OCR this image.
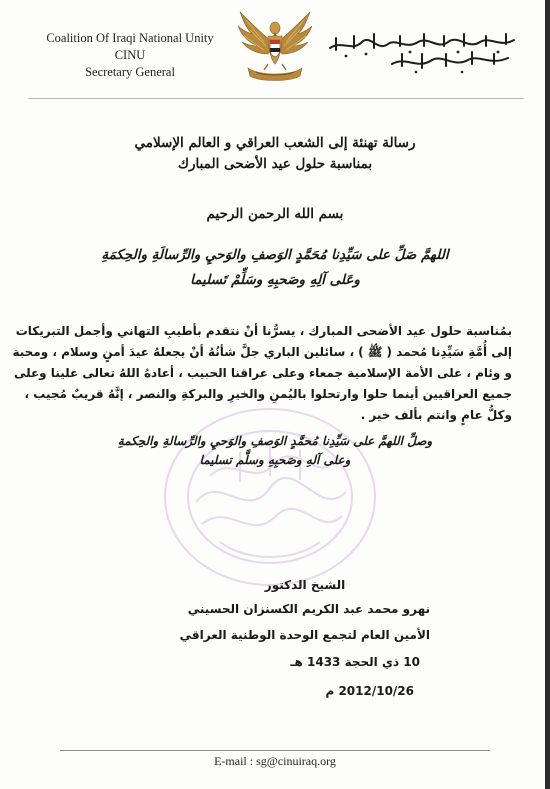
Coalition Of Iraqi National Unity
CINU
Secretary General
رسالة تهنئة إلى الشعب العراقي و العالم الإسلامي
بمناسبة حلول عيد الأضحى المبارك
بسم الله الرحمن الرحيم
اللهمَّ صَلِّ على سَيِّدِنا مُحَمَّدٍ الوَصفِ والوَحيِ والرِّسالَةِ والحِكمَةِ
وعَلى آلِهِ وصَحبِهِ وسَلِّمْ تَسليما
بمُناسبة حلول عيد الأضحى المبارك ، يسرُّنا أنْ نتقدم بأطيبِ التهاني وأجمل التبريكات
إلى أُمَّةِ سَيِّدِنا مُحمد ( ﷺ ) ، سائلين الباري جلَّ شأنُهُ أنْ يجعلهُ عيدَ أمنٍ وسلام ، ومحبة
و وئام ، على الأمة الإسلامية جمعاء وعلى عراقنا الحبيب ، أعادهُ اللهُ تعالى علينا وعلى
جميع العراقيين أينما حلوا وارتحلوا باليُمنِ والخيرِ والبركةِ والنصر ، إنَّهُ قريبٌ مُجيب ،
وكلُّ عامٍ وانتم بألف خير .
وصلِّ اللهمَّ على سَيِّدِنا مُحمَّدٍ الوَصفِ والوَحيِ والرِّسالةِ والحِكمةِ
وعلى آلهِ وصَحبِهِ وسلَّم تسليما
الشيخ الدكتور
نهرو محمد عبد الكريم الكسنزان الحسيني
الأمين العام لتجمع الوحدة الوطنية العراقي
10 ذي الحجة 1433 هـ
2012/10/26 م
E-mail : sg@cinuiraq.org
